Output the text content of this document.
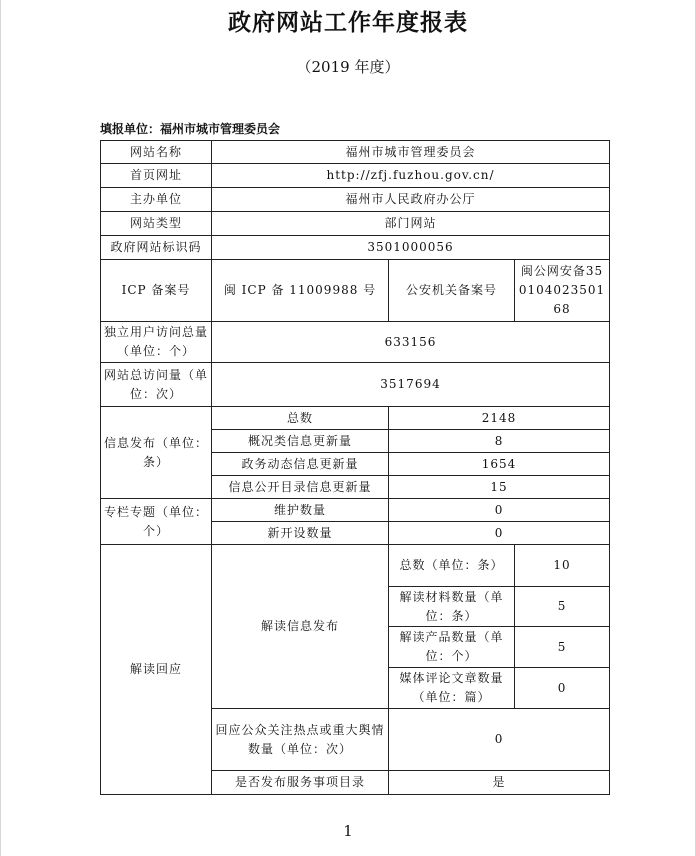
政府网站工作年度报表
（2019 年度）
填报单位：福州市城市管理委员会
网站名称	福州市城市管理委员会		
首页网址	http://zfj.fuzhou.gov.cn/		
主办单位	福州市人民政府办公厅		
网站类型	部门网站		
政府网站标识码	3501000056		
ICP 备案号	闽 ICP 备 11009988 号	公安机关备案号	闽公网安备35010402350168
独立用户访问总量（单位：个）	633156		
网站总访问量（单位：次）	3517694		
信息发布（单位：条）	总数	2148	
	概况类信息更新量	8	
	政务动态信息更新量	1654	
	信息公开目录信息更新量	15	
专栏专题（单位：个）	维护数量	0	
	新开设数量	0	
解读回应	解读信息发布	总数（单位：条）	10
		解读材料数量（单位：条）	5
		解读产品数量（单位：个）	5
		媒体评论文章数量（单位：篇）	0
	回应公众关注热点或重大舆情数量（单位：次）	0	
	是否发布服务事项目录	是	
1
